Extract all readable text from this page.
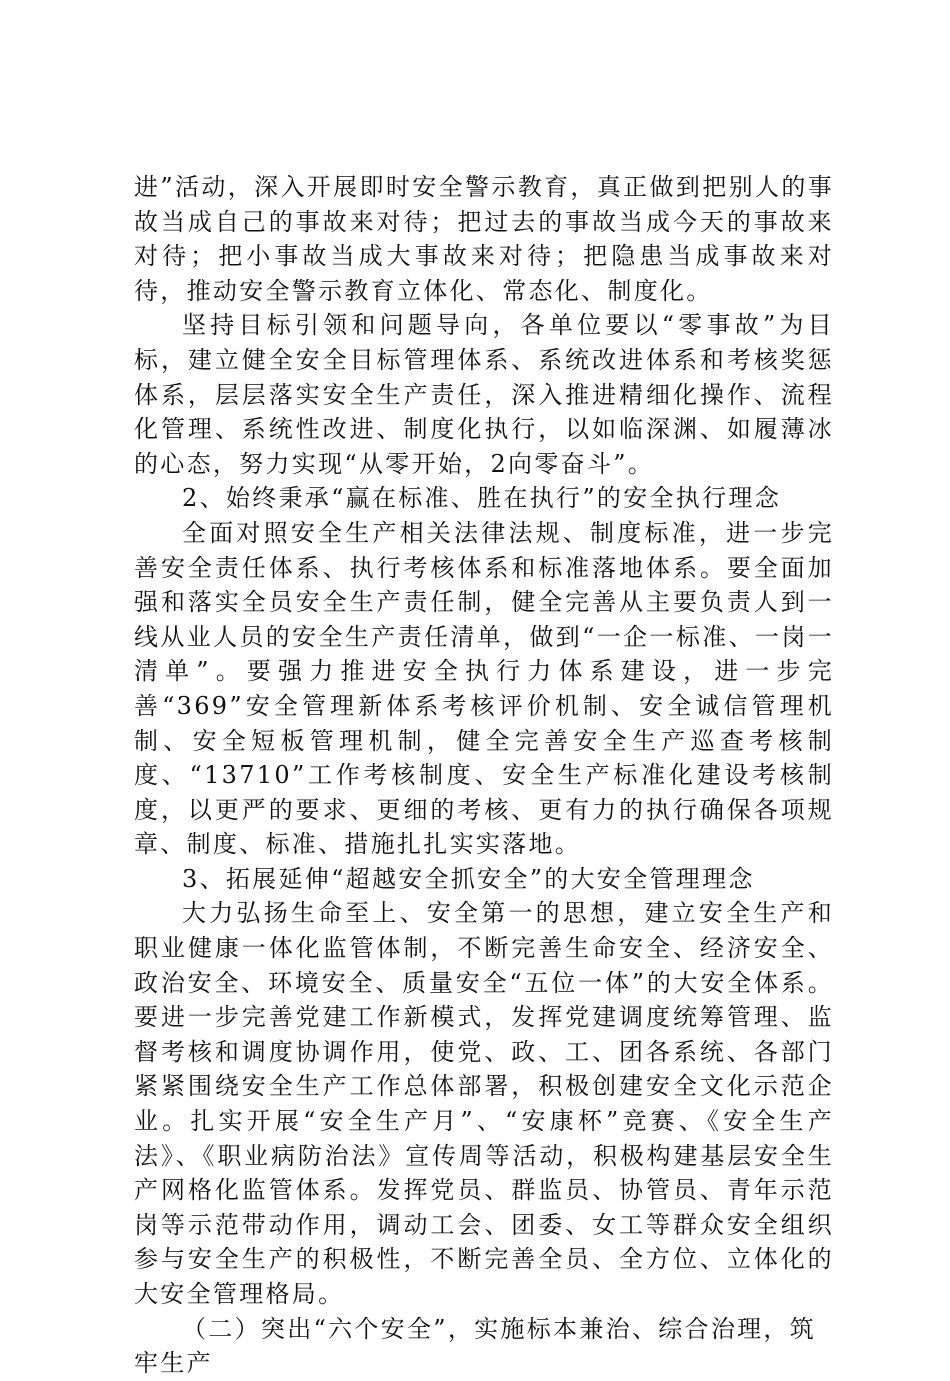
进”活动，深入开展即时安全警示教育，真正做到把别人的事故当成自己的事故来对待；把过去的事故当成今天的事故来对待；把小事故当成大事故来对待；把隐患当成事故来对待，推动安全警示教育立体化、常态化、制度化。

坚持目标引领和问题导向，各单位要以“零事故”为目标，建立健全安全目标管理体系、系统改进体系和考核奖惩体系，层层落实安全生产责任，深入推进精细化操作、流程化管理、系统性改进、制度化执行，以如临深渊、如履薄冰的心态，努力实现“从零开始，2向零奋斗”。

2、始终秉承“赢在标准、胜在执行”的安全执行理念

全面对照安全生产相关法律法规、制度标准，进一步完善安全责任体系、执行考核体系和标准落地体系。要全面加强和落实全员安全生产责任制，健全完善从主要负责人到一线从业人员的安全生产责任清单，做到“一企一标准、一岗一清单”。要强力推进安全执行力体系建设，进一步完善“369”安全管理新体系考核评价机制、安全诚信管理机制、安全短板管理机制，健全完善安全生产巡查考核制度、“13710”工作考核制度、安全生产标准化建设考核制度，以更严的要求、更细的考核、更有力的执行确保各项规章、制度、标准、措施扎扎实实落地。

3、拓展延伸“超越安全抓安全”的大安全管理理念

大力弘扬生命至上、安全第一的思想，建立安全生产和职业健康一体化监管体制，不断完善生命安全、经济安全、政治安全、环境安全、质量安全“五位一体”的大安全体系。要进一步完善党建工作新模式，发挥党建调度统筹管理、监督考核和调度协调作用，使党、政、工、团各系统、各部门紧紧围绕安全生产工作总体部署，积极创建安全文化示范企业。扎实开展“安全生产月”、“安康杯”竞赛、《安全生产法》、《职业病防治法》宣传周等活动，积极构建基层安全生产网格化监管体系。发挥党员、群监员、协管员、青年示范岗等示范带动作用，调动工会、团委、女工等群众安全组织参与安全生产的积极性，不断完善全员、全方位、立体化的大安全管理格局。

（二）突出“六个安全”，实施标本兼治、综合治理，筑牢生产
